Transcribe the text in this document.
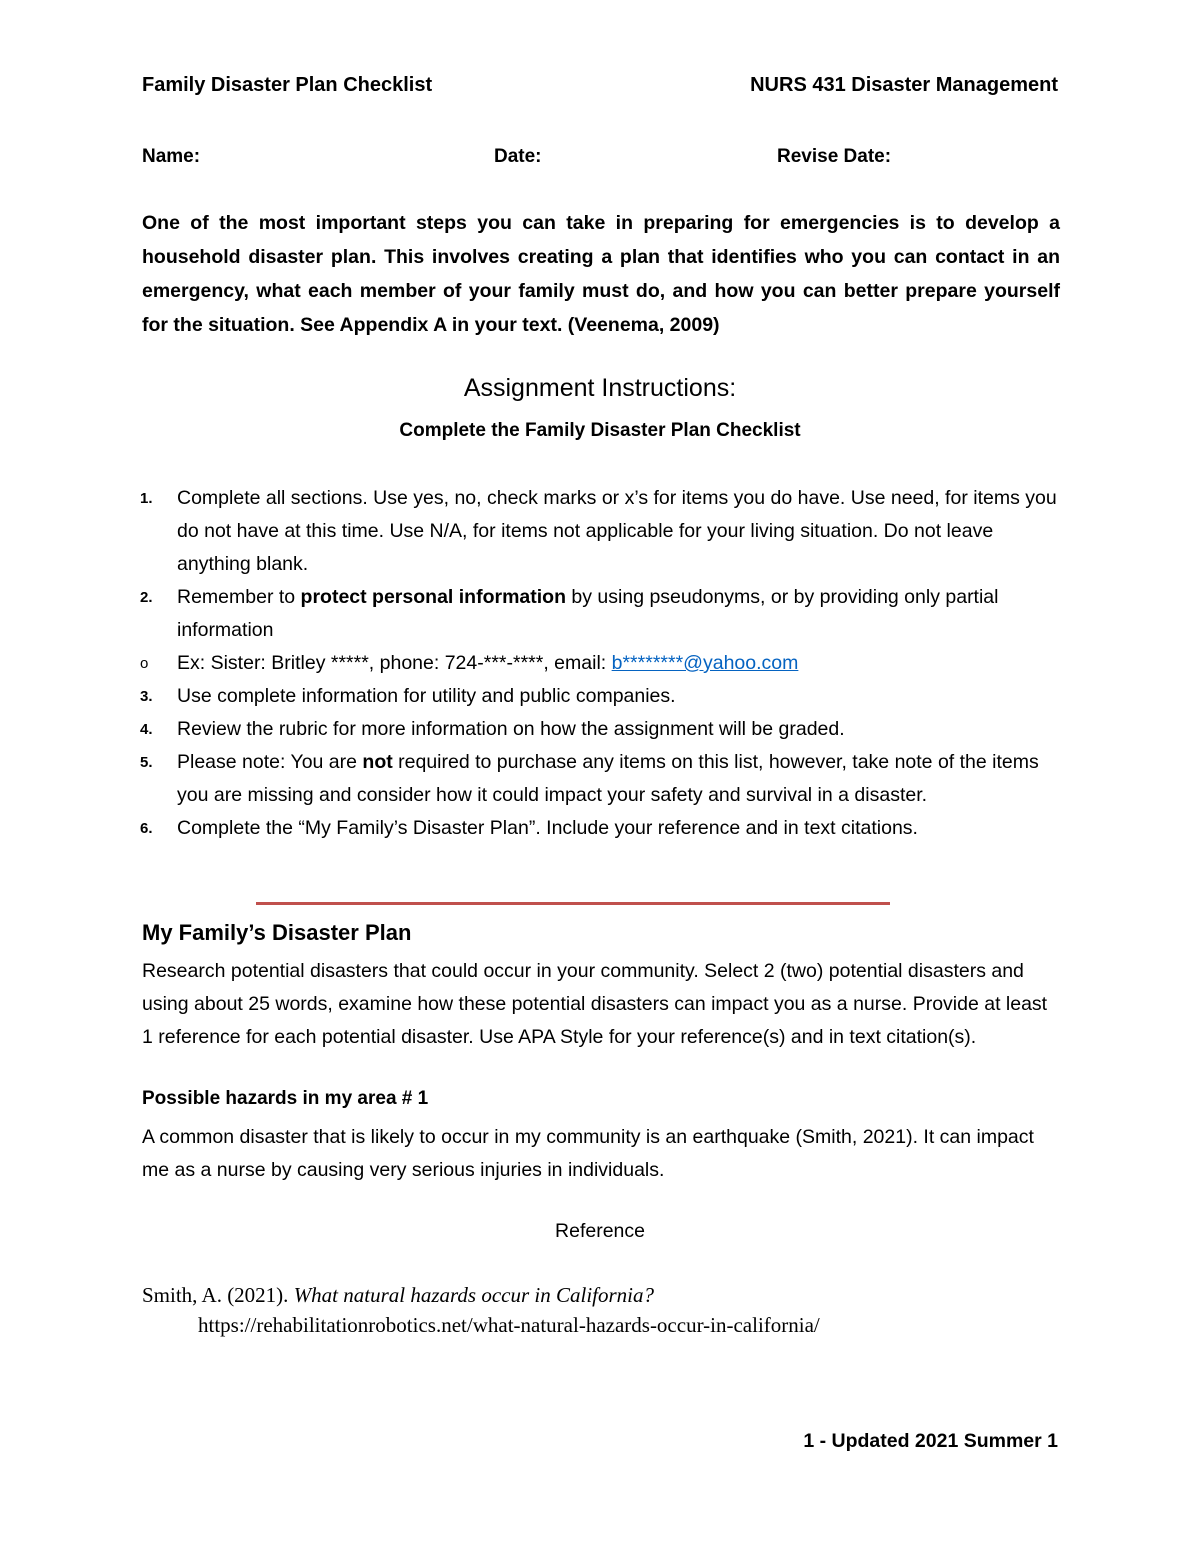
Family Disaster Plan Checklist	NURS 431 Disaster Management
Name:	Date:	Revise Date:
One of the most important steps you can take in preparing for emergencies is to develop a household disaster plan. This involves creating a plan that identifies who you can contact in an emergency, what each member of your family must do, and how you can better prepare yourself for the situation. See Appendix A in your text. (Veenema, 2009)
Assignment Instructions:
Complete the Family Disaster Plan Checklist
1. Complete all sections. Use yes, no, check marks or x’s for items you do have. Use need, for items you do not have at this time. Use N/A, for items not applicable for your living situation. Do not leave anything blank.
2. Remember to protect personal information by using pseudonyms, or by providing only partial information
o Ex: Sister: Britley *****, phone: 724-***-****, email: b********@yahoo.com
3. Use complete information for utility and public companies.
4. Review the rubric for more information on how the assignment will be graded.
5. Please note: You are not required to purchase any items on this list, however, take note of the items you are missing and consider how it could impact your safety and survival in a disaster.
6. Complete the “My Family’s Disaster Plan”. Include your reference and in text citations.
My Family’s Disaster Plan
Research potential disasters that could occur in your community. Select 2 (two) potential disasters and using about 25 words, examine how these potential disasters can impact you as a nurse. Provide at least 1 reference for each potential disaster. Use APA Style for your reference(s) and in text citation(s).
Possible hazards in my area # 1
A common disaster that is likely to occur in my community is an earthquake (Smith, 2021). It can impact me as a nurse by causing very serious injuries in individuals.
Reference
Smith, A. (2021). What natural hazards occur in California?
https://rehabilitationrobotics.net/what-natural-hazards-occur-in-california/
1 - Updated 2021 Summer 1
